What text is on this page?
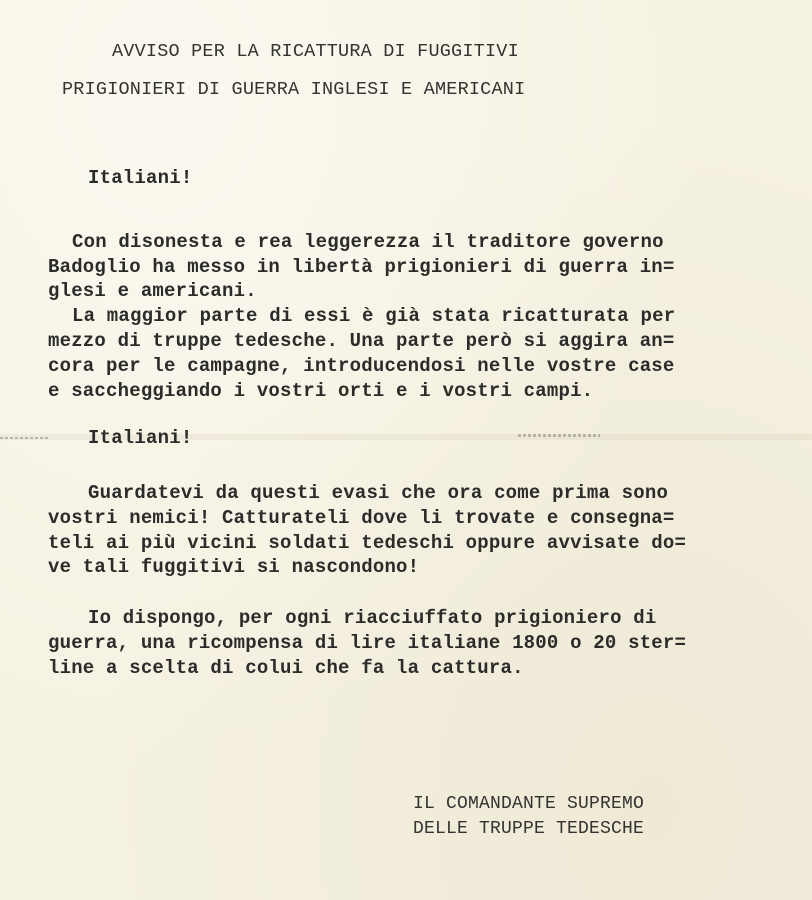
AVVISO PER LA RICATTURA DI FUGGITIVI
PRIGIONIERI DI GUERRA INGLESI E AMERICANI
Italiani!
Con disonesta e rea leggerezza il traditore governo
Badoglio ha messo in libertà prigionieri di guerra in=
glesi e americani.
La maggior parte di essi è già stata ricatturata per
mezzo di truppe tedesche. Una parte però si aggira an=
cora per le campagne, introducendosi nelle vostre case
e saccheggiando i vostri orti e i vostri campi.
Italiani!
Guardatevi da questi evasi che ora come prima sono
vostri nemici! Catturateli dove li trovate e consegna=
teli ai più vicini soldati tedeschi oppure avvisate do=
ve tali fuggitivi si nascondono!
Io dispongo, per ogni riacciuffato prigioniero di
guerra, una ricompensa di lire italiane 1800 o 20 ster=
line a scelta di colui che fa la cattura.
IL COMANDANTE SUPREMO
DELLE TRUPPE TEDESCHE
